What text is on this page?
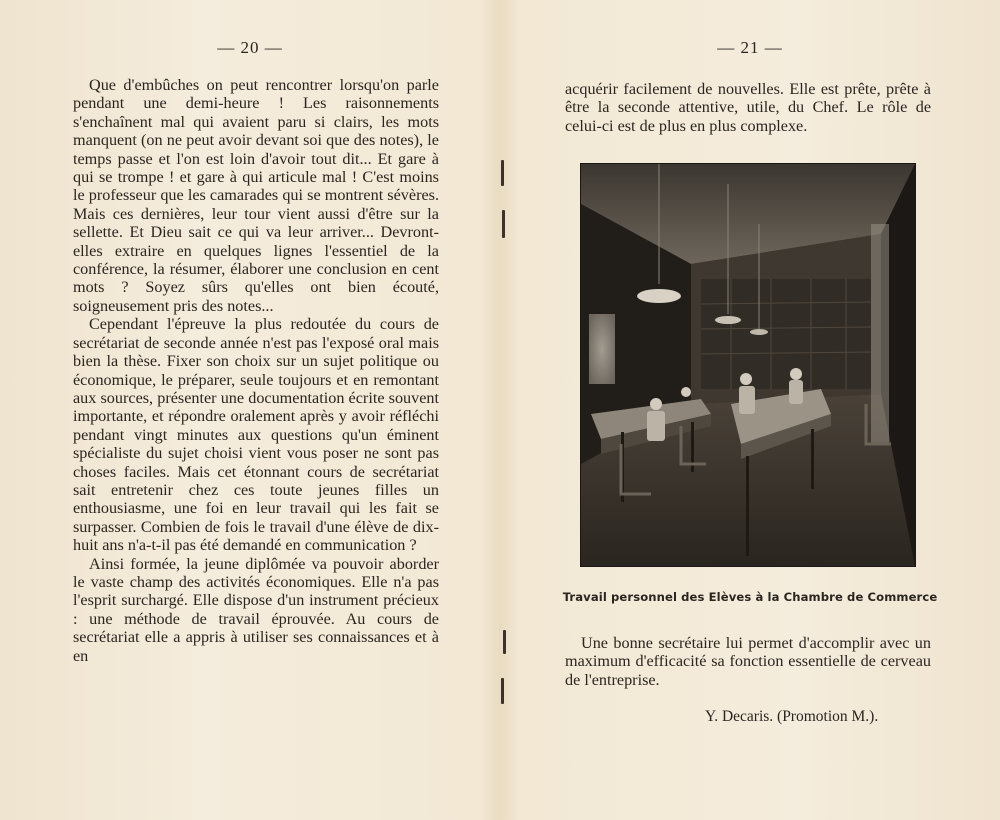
— 20 —

Que d'embûches on peut rencontrer lorsqu'on parle pendant une demi-heure ! Les raisonnements s'enchaînent mal qui avaient paru si clairs, les mots manquent (on ne peut avoir devant soi que des notes), le temps passe et l'on est loin d'avoir tout dit... Et gare à qui se trompe ! et gare à qui articule mal ! C'est moins le professeur que les camarades qui se montrent sévères. Mais ces dernières, leur tour vient aussi d'être sur la sellette. Et Dieu sait ce qui va leur arriver... Devront-elles extraire en quelques lignes l'essentiel de la conférence, la résumer, élaborer une conclusion en cent mots ? Soyez sûrs qu'elles ont bien écouté, soigneusement pris des notes...

Cependant l'épreuve la plus redoutée du cours de secrétariat de seconde année n'est pas l'exposé oral mais bien la thèse. Fixer son choix sur un sujet politique ou économique, le préparer, seule toujours et en remontant aux sources, présenter une documentation écrite souvent importante, et répondre oralement après y avoir réfléchi pendant vingt minutes aux questions qu'un éminent spécialiste du sujet choisi vient vous poser ne sont pas choses faciles. Mais cet étonnant cours de secrétariat sait entretenir chez ces toute jeunes filles un enthousiasme, une foi en leur travail qui les fait se surpasser. Combien de fois le travail d'une élève de dix-huit ans n'a-t-il pas été demandé en communication ?

Ainsi formée, la jeune diplômée va pouvoir aborder le vaste champ des activités économiques. Elle n'a pas l'esprit surchargé. Elle dispose d'un instrument précieux : une méthode de travail éprouvée. Au cours de secrétariat elle a appris à utiliser ses connaissances et à en

— 21 —

acquérir facilement de nouvelles. Elle est prête, prête à être la seconde attentive, utile, du Chef. Le rôle de celui-ci est de plus en plus complexe.

Travail personnel des Elèves à la Chambre de Commerce

Une bonne secrétaire lui permet d'accomplir avec un maximum d'efficacité sa fonction essentielle de cerveau de l'entreprise.

Y. Decaris. (Promotion M.).
